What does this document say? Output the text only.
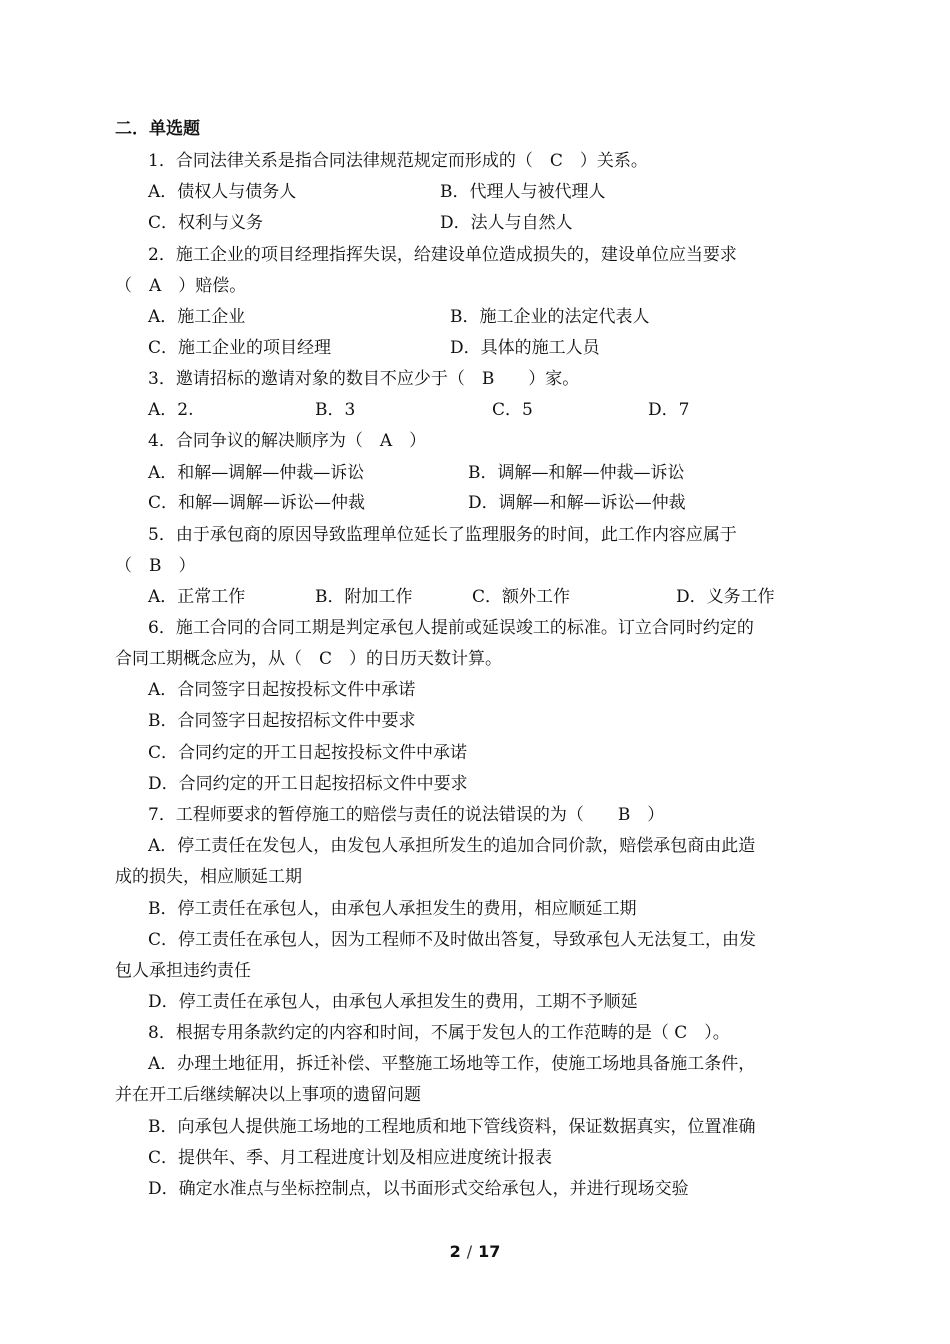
二．单选题
1．合同法律关系是指合同法律规范规定而形成的（　C　）关系。
A．债权人与债务人	B．代理人与被代理人
C．权利与义务	D．法人与自然人
2．施工企业的项目经理指挥失误，给建设单位造成损失的，建设单位应当要求
（　A　）赔偿。
A．施工企业	B．施工企业的法定代表人
C．施工企业的项目经理	D．具体的施工人员
3．邀请招标的邀请对象的数目不应少于（　B　　）家。
A．2.	B．3	C．5	D．7
4．合同争议的解决顺序为（　A　）
A．和解—调解—仲裁—诉讼	B．调解—和解—仲裁—诉讼
C．和解—调解—诉讼—仲裁	D．调解—和解—诉讼—仲裁
5．由于承包商的原因导致监理单位延长了监理服务的时间，此工作内容应属于
（　B　）
A．正常工作	B．附加工作	C．额外工作	D．义务工作
6．施工合同的合同工期是判定承包人提前或延误竣工的标准。订立合同时约定的
合同工期概念应为，从（　C　）的日历天数计算。
A．合同签字日起按投标文件中承诺
B．合同签字日起按招标文件中要求
C．合同约定的开工日起按投标文件中承诺
D．合同约定的开工日起按招标文件中要求
7．工程师要求的暂停施工的赔偿与责任的说法错误的为（　　B　）
A．停工责任在发包人，由发包人承担所发生的追加合同价款，赔偿承包商由此造
成的损失，相应顺延工期
B．停工责任在承包人，由承包人承担发生的费用，相应顺延工期
C．停工责任在承包人，因为工程师不及时做出答复，导致承包人无法复工，由发
包人承担违约责任
D．停工责任在承包人，由承包人承担发生的费用，工期不予顺延
8．根据专用条款约定的内容和时间，不属于发包人的工作范畴的是（ C　）。
A．办理土地征用，拆迁补偿、平整施工场地等工作，使施工场地具备施工条件，
并在开工后继续解决以上事项的遗留问题
B．向承包人提供施工场地的工程地质和地下管线资料，保证数据真实，位置准确
C．提供年、季、月工程进度计划及相应进度统计报表
D．确定水准点与坐标控制点，以书面形式交给承包人，并进行现场交验
2 / 17
